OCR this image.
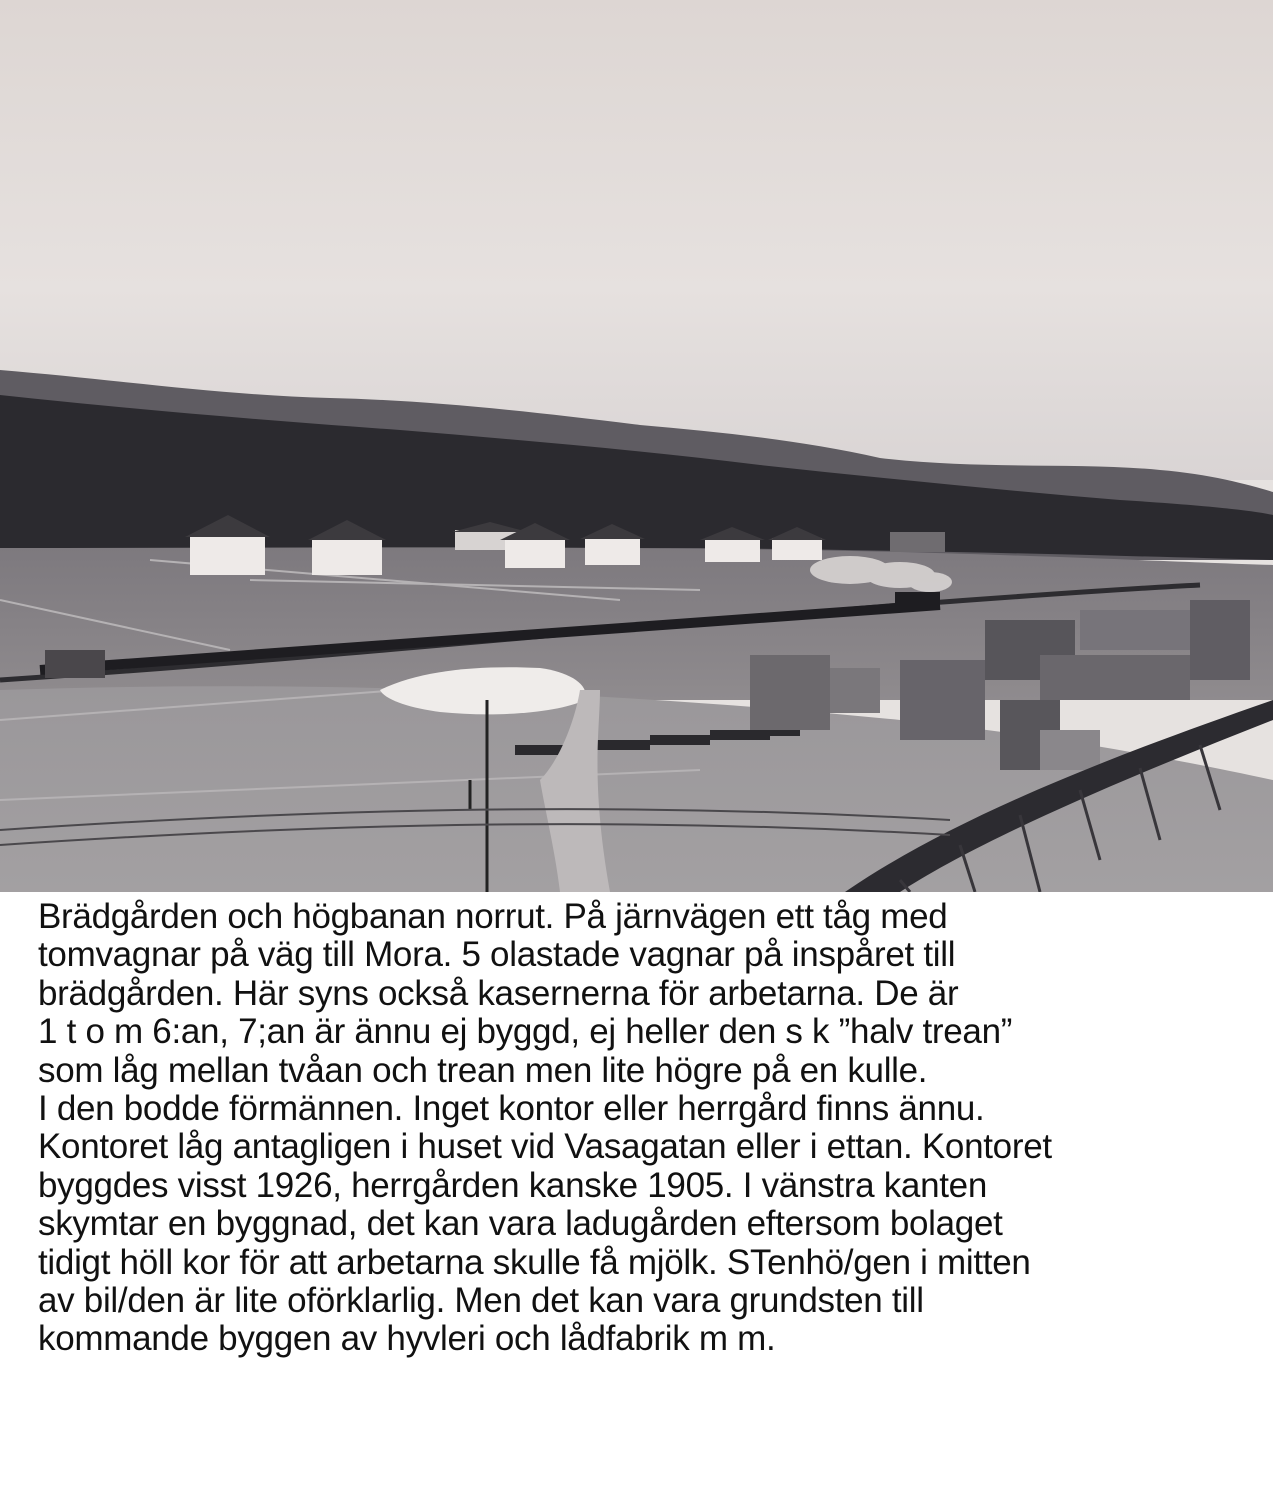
Brädgården och högbanan norrut. På järnvägen ett tåg med
tomvagnar på väg till Mora. 5 olastade vagnar på inspåret till
brädgården. Här syns också kasernerna för arbetarna. De är
1 t o m 6:an, 7;an är ännu ej byggd, ej heller den s k ”halv trean”
som låg mellan tvåan och trean men lite högre på en kulle.
I den bodde förmännen. Inget kontor eller herrgård finns ännu.
Kontoret låg antagligen i huset vid Vasagatan eller i ettan. Kontoret
byggdes visst 1926, herrgården kanske 1905. I vänstra kanten
skymtar en byggnad, det kan vara ladugården eftersom bolaget
tidigt höll kor för att arbetarna skulle få mjölk. STenhö/gen i mitten
av bil/den är lite oförklarlig. Men det kan vara grundsten till
kommande byggen av hyvleri och lådfabrik m m.
